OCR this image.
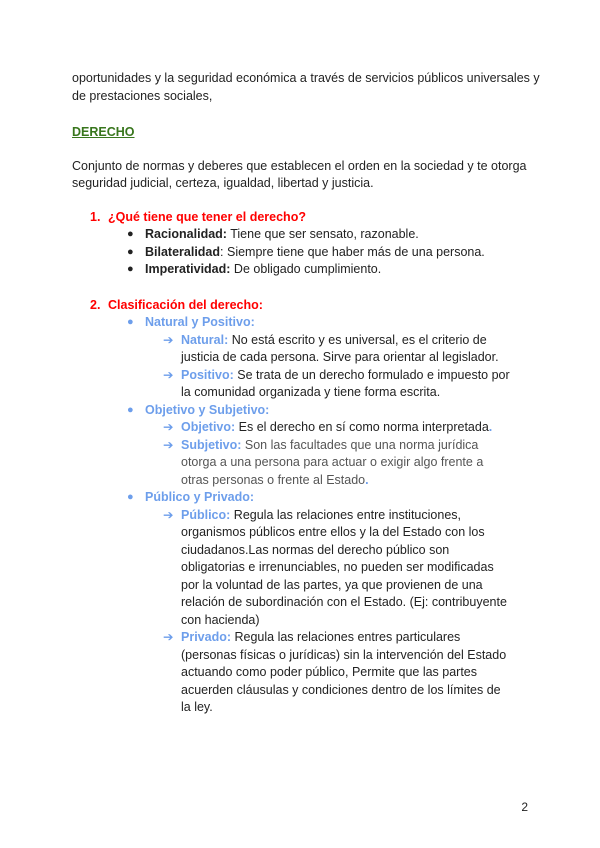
oportunidades y la seguridad económica a través de servicios públicos universales y de prestaciones sociales,

DERECHO

Conjunto de normas y deberes que establecen el orden en la sociedad y te otorga seguridad judicial, certeza, igualdad, libertad y justicia.

1. ¿Qué tiene que tener el derecho?
● Racionalidad: Tiene que ser sensato, razonable.
● Bilateralidad: Siempre tiene que haber más de una persona.
● Imperatividad: De obligado cumplimiento.
2. Clasificación del derecho:
● Natural y Positivo:
➔ Natural: No está escrito y es universal, es el criterio de justicia de cada persona. Sirve para orientar al legislador.
➔ Positivo: Se trata de un derecho formulado e impuesto por la comunidad organizada y tiene forma escrita.
● Objetivo y Subjetivo:
➔ Objetivo: Es el derecho en sí como norma interpretada.
➔ Subjetivo: Son las facultades que una norma jurídica otorga a una persona para actuar o exigir algo frente a otras personas o frente al Estado.
● Público y Privado:
➔ Público: Regula las relaciones entre instituciones, organismos públicos entre ellos y la del Estado con los ciudadanos.Las normas del derecho público son obligatorias e irrenunciables, no pueden ser modificadas por la voluntad de las partes, ya que provienen de una relación de subordinación con el Estado. (Ej: contribuyente con hacienda)
➔ Privado: Regula las relaciones entres particulares (personas físicas o jurídicas) sin la intervención del Estado actuando como poder público, Permite que las partes acuerden cláusulas y condiciones dentro de los límites de la ley.
2
